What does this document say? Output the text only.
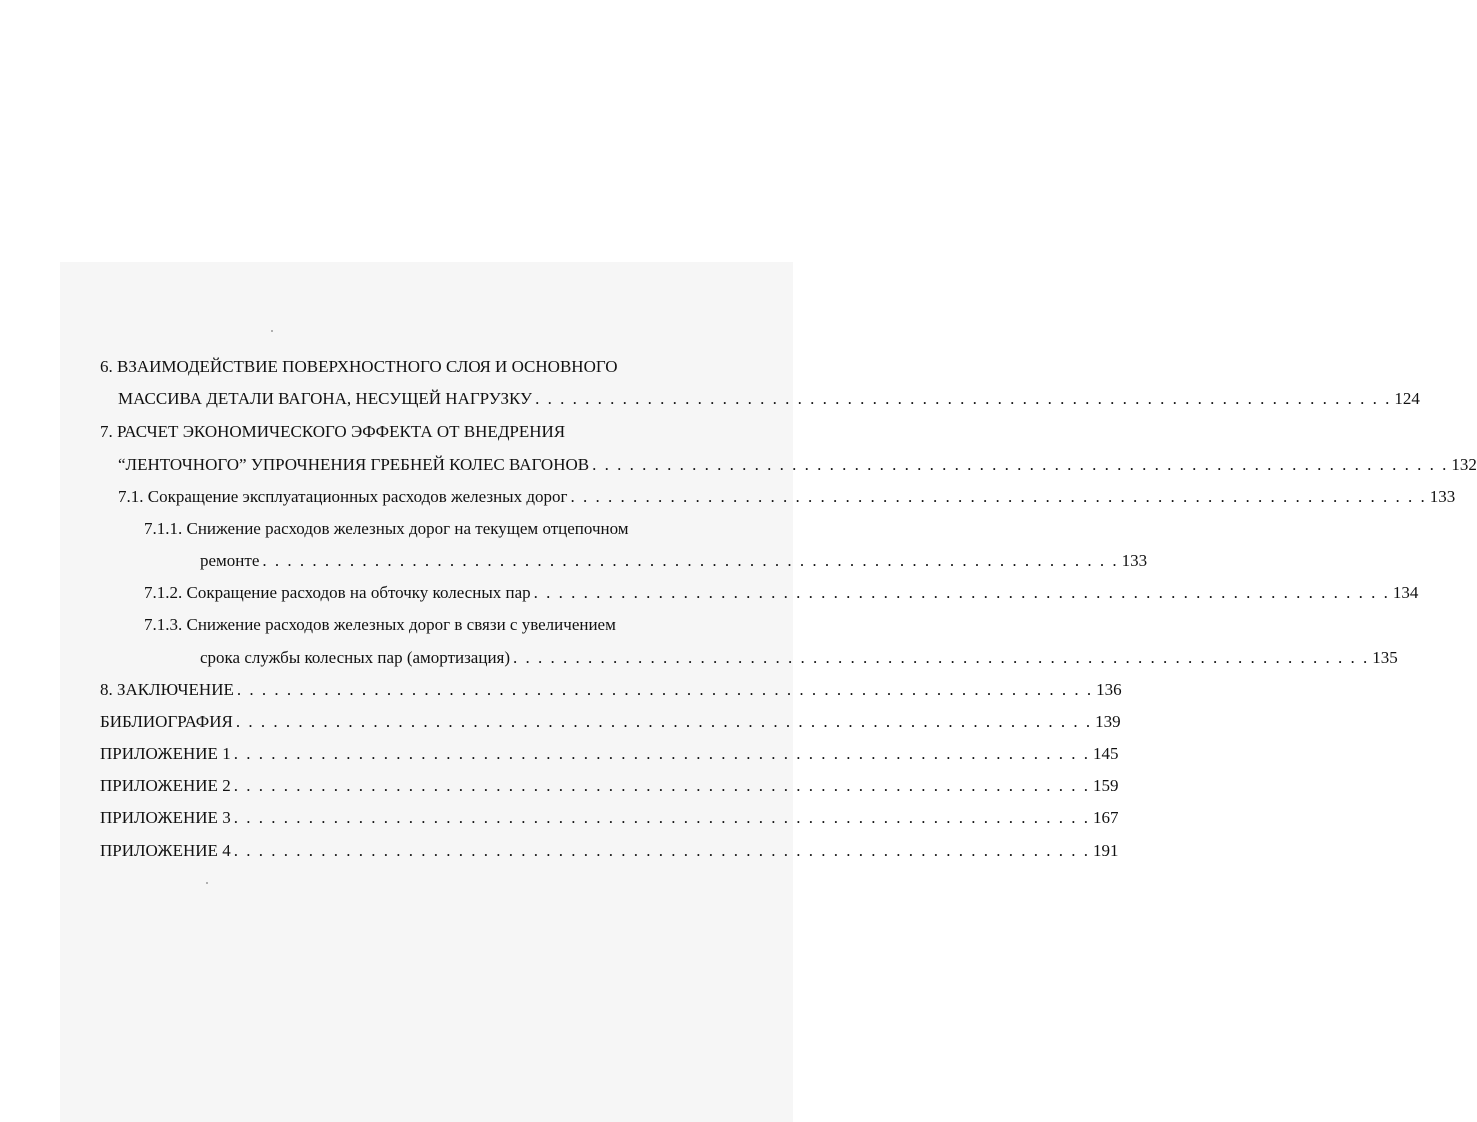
6. ВЗАИМОДЕЙСТВИЕ ПОВЕРХНОСТНОГО СЛОЯ И ОСНОВНОГО

МАССИВА ДЕТАЛИ ВАГОНА, НЕСУЩЕЙ НАГРУЗКУ . . . . . . . . . . . . . . . . . . . . . . . . . . . . . . . . . . . . . . . . . . . . . . . . . . . . . . . . . . . . . . . . . . . . . 124

7. РАСЧЕТ ЭКОНОМИЧЕСКОГО ЭФФЕКТА ОТ ВНЕДРЕНИЯ

“ЛЕНТОЧНОГО” УПРОЧНЕНИЯ ГРЕБНЕЙ КОЛЕС ВАГОНОВ . . . . . . . . . . . . . . . . . . . . . . . . . . . . . . . . . . . . . . . . . . . . . . . . . . . . . . . . . . . . . . . . . . . . . 132
7.1. Сокращение эксплуатационных расходов железных дорог . . . . . . . . . . . . . . . . . . . . . . . . . . . . . . . . . . . . . . . . . . . . . . . . . . . . . . . . . . . . . . . . . . . . . 133

7.1.1. Снижение расходов железных дорог на текущем отцепочном

ремонте . . . . . . . . . . . . . . . . . . . . . . . . . . . . . . . . . . . . . . . . . . . . . . . . . . . . . . . . . . . . . . . . . . . . . 133
7.1.2. Сокращение расходов на обточку колесных пар . . . . . . . . . . . . . . . . . . . . . . . . . . . . . . . . . . . . . . . . . . . . . . . . . . . . . . . . . . . . . . . . . . . . . 134

7.1.3. Снижение расходов железных дорог в связи с увеличением

срока службы колесных пар (амортизация) . . . . . . . . . . . . . . . . . . . . . . . . . . . . . . . . . . . . . . . . . . . . . . . . . . . . . . . . . . . . . . . . . . . . . 135
8. ЗАКЛЮЧЕНИЕ . . . . . . . . . . . . . . . . . . . . . . . . . . . . . . . . . . . . . . . . . . . . . . . . . . . . . . . . . . . . . . . . . . . . . 136
БИБЛИОГРАФИЯ . . . . . . . . . . . . . . . . . . . . . . . . . . . . . . . . . . . . . . . . . . . . . . . . . . . . . . . . . . . . . . . . . . . . . 139
ПРИЛОЖЕНИЕ 1 . . . . . . . . . . . . . . . . . . . . . . . . . . . . . . . . . . . . . . . . . . . . . . . . . . . . . . . . . . . . . . . . . . . . . 145
ПРИЛОЖЕНИЕ 2 . . . . . . . . . . . . . . . . . . . . . . . . . . . . . . . . . . . . . . . . . . . . . . . . . . . . . . . . . . . . . . . . . . . . . 159
ПРИЛОЖЕНИЕ 3 . . . . . . . . . . . . . . . . . . . . . . . . . . . . . . . . . . . . . . . . . . . . . . . . . . . . . . . . . . . . . . . . . . . . . 167
ПРИЛОЖЕНИЕ 4 . . . . . . . . . . . . . . . . . . . . . . . . . . . . . . . . . . . . . . . . . . . . . . . . . . . . . . . . . . . . . . . . . . . . . 191
